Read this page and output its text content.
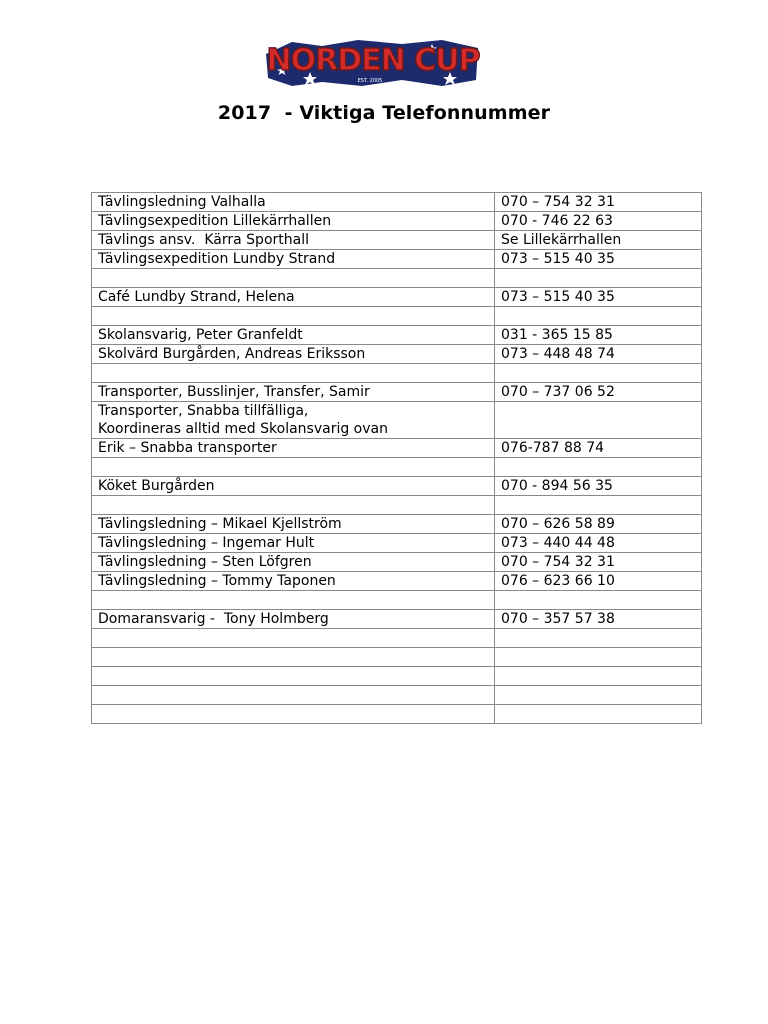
NORDEN CUP
EST. 2005
2017  - Viktiga Telefonnummer
Tävlingsledning Valhalla	070 – 754 32 31
Tävlingsexpedition Lillekärrhallen	070 - 746 22 63
Tävlings ansv.  Kärra Sporthall	Se Lillekärrhallen
Tävlingsexpedition Lundby Strand	073 – 515 40 35

Café Lundby Strand, Helena	073 – 515 40 35

Skolansvarig, Peter Granfeldt	031 - 365 15 85
Skolvärd Burgården, Andreas Eriksson	073 – 448 48 74

Transporter, Busslinjer, Transfer, Samir	070 – 737 06 52

Transporter, Snabba tillfälliga,
Koordineras alltid med Skolansvarig ovan	

Erik – Snabba transporter	076-787 88 74

Köket Burgården	070 - 894 56 35

Tävlingsledning – Mikael Kjellström	070 – 626 58 89
Tävlingsledning – Ingemar Hult	073 – 440 44 48
Tävlingsledning – Sten Löfgren	070 – 754 32 31
Tävlingsledning – Tommy Taponen	076 – 623 66 10

Domaransvarig -  Tony Holmberg	070 – 357 57 38
